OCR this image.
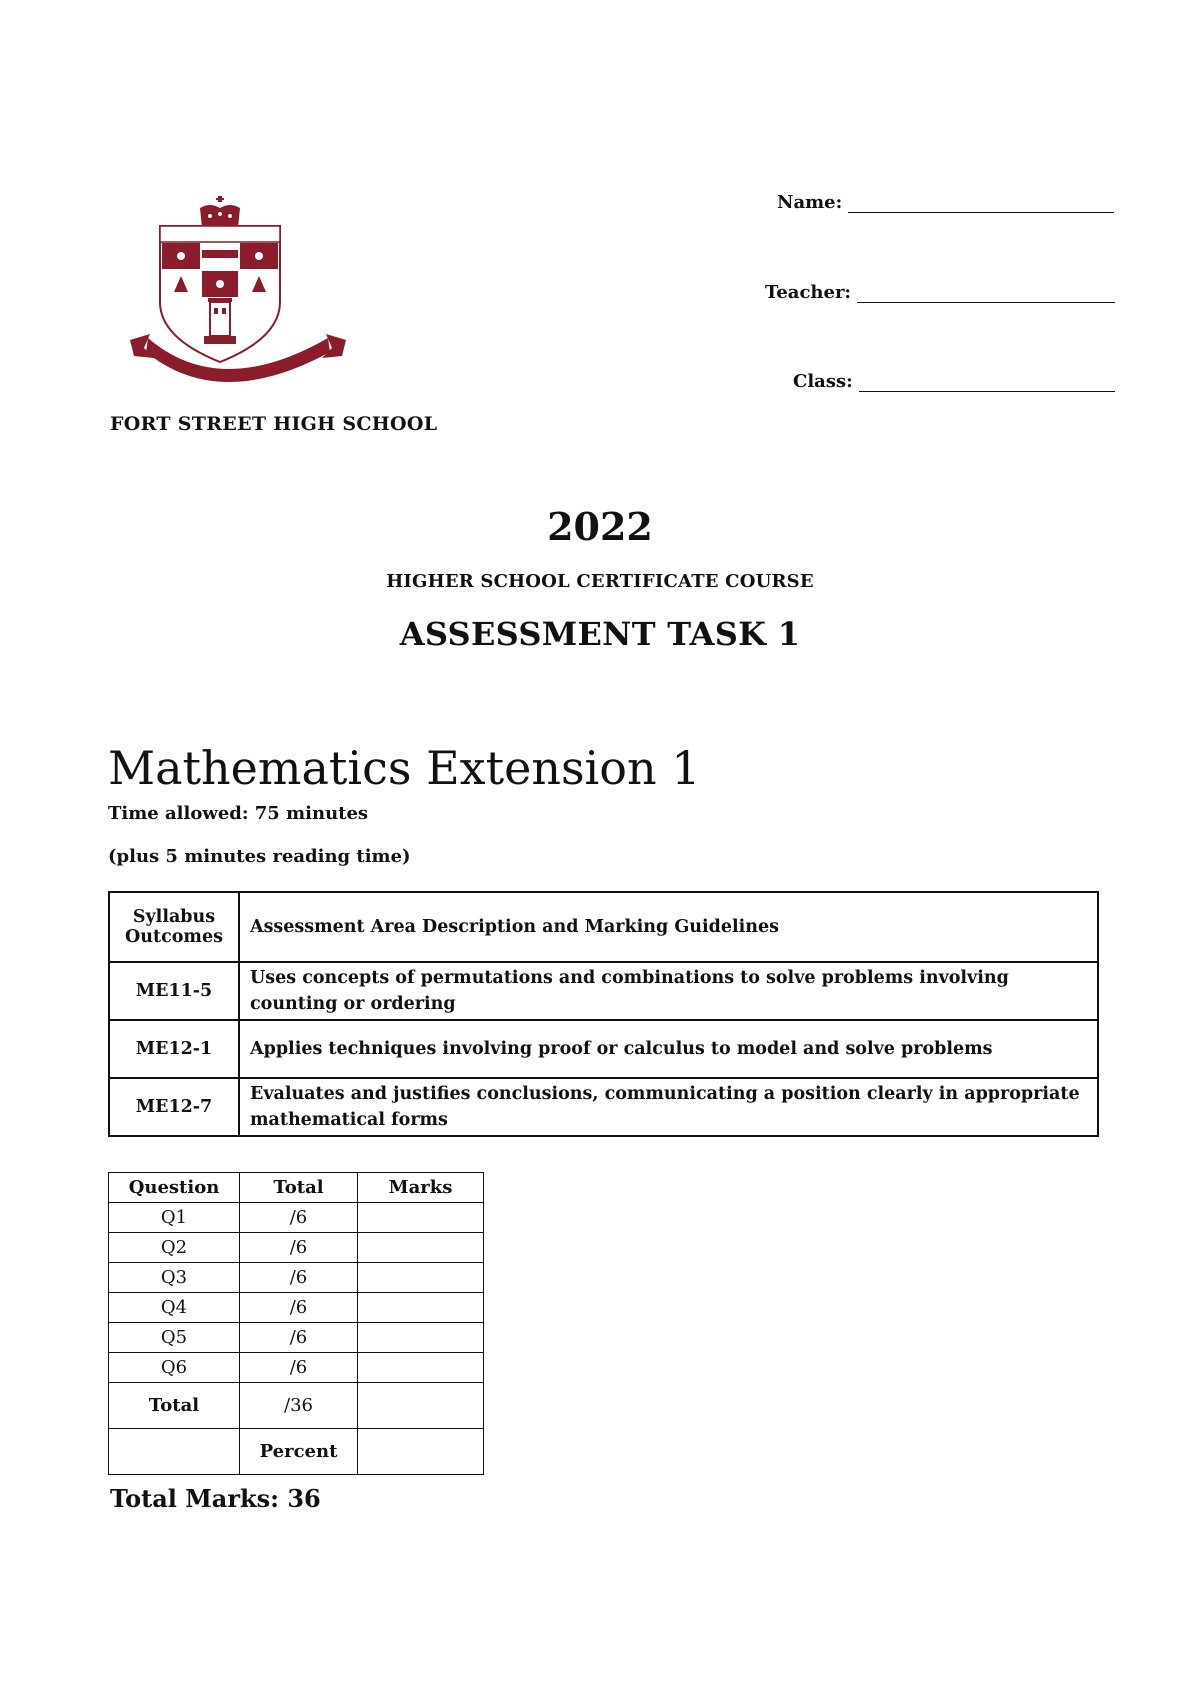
FORT STREET HIGH SCHOOL
Name:
Teacher:
Class:
2022
HIGHER SCHOOL CERTIFICATE COURSE
ASSESSMENT TASK 1
Mathematics Extension 1
Time allowed: 75 minutes
(plus 5 minutes reading time)
Syllabus Outcomes	Assessment Area Description and Marking Guidelines
ME11-5	Uses concepts of permutations and combinations to solve problems involving counting or ordering
ME12-1	Applies techniques involving proof or calculus to model and solve problems
ME12-7	Evaluates and justifies conclusions, communicating a position clearly in appropriate mathematical forms
Question	Total	Marks
Q1	/6	
Q2	/6	
Q3	/6	
Q4	/6	
Q5	/6	
Q6	/6	
Total	/36	
	Percent	
Total Marks: 36
